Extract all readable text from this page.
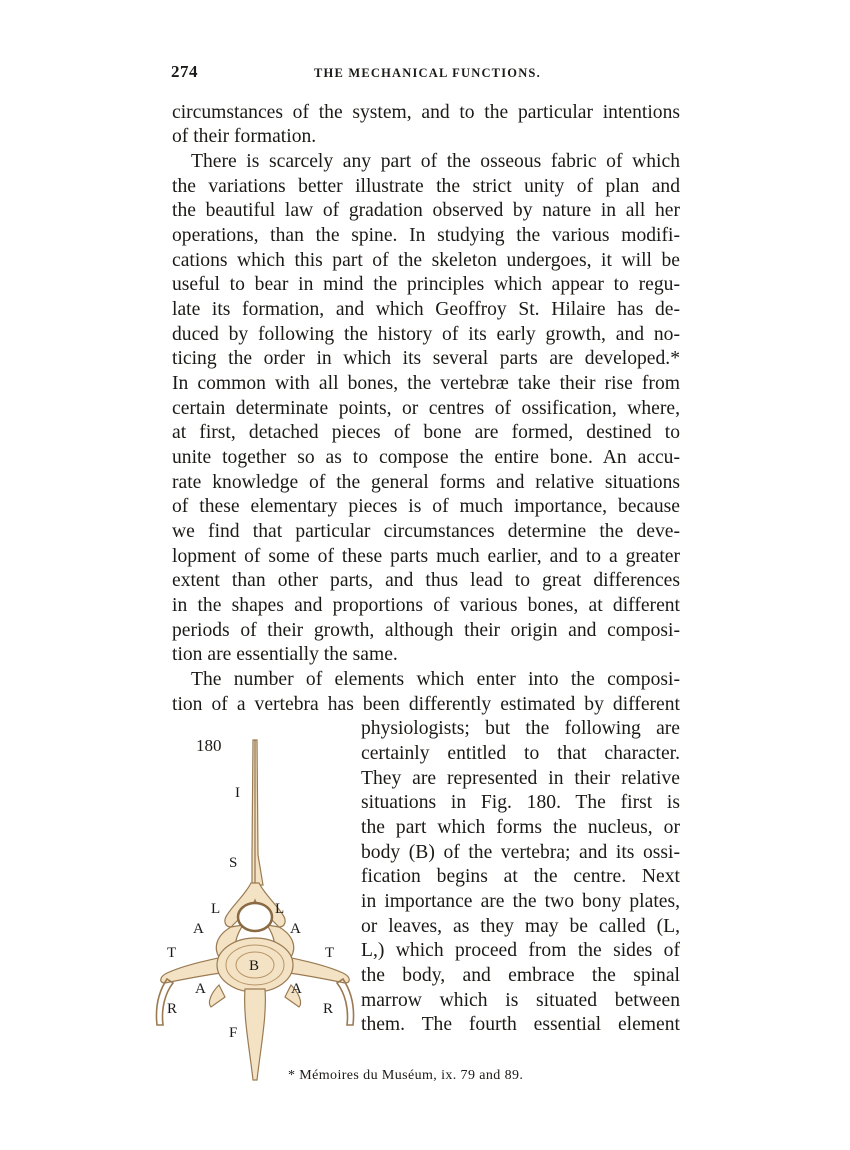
274	THE MECHANICAL FUNCTIONS.
circumstances of the system, and to the particular intentions
of their formation.
There is scarcely any part of the osseous fabric of which
the variations better illustrate the strict unity of plan and
the beautiful law of gradation observed by nature in all her
operations, than the spine. In studying the various modifi-
cations which this part of the skeleton undergoes, it will be
useful to bear in mind the principles which appear to regu-
late its formation, and which Geoffroy St. Hilaire has de-
duced by following the history of its early growth, and no-
ticing the order in which its several parts are developed.*
In common with all bones, the vertebræ take their rise from
certain determinate points, or centres of ossification, where,
at first, detached pieces of bone are formed, destined to
unite together so as to compose the entire bone. An accu-
rate knowledge of the general forms and relative situations
of these elementary pieces is of much importance, because
we find that particular circumstances determine the deve-
lopment of some of these parts much earlier, and to a greater
extent than other parts, and thus lead to great differences
in the shapes and proportions of various bones, at different
periods of their growth, although their origin and composi-
tion are essentially the same.
The number of elements which enter into the composi-
tion of a vertebra has been differently estimated by different
physiologists; but the following are
certainly entitled to that character.
They are represented in their relative
situations in Fig. 180. The first is
the part which forms the nucleus, or
body (B) of the vertebra; and its ossi-
fication begins at the centre. Next
in importance are the two bony plates,
or leaves, as they may be called (L,
L,) which proceed from the sides of
the body, and embrace the spinal
marrow which is situated between
them. The fourth essential element
180
I
S
L	L
A	A
T	T
B
A	A
R	R
F
* Mémoires du Muséum, ix. 79 and 89.
